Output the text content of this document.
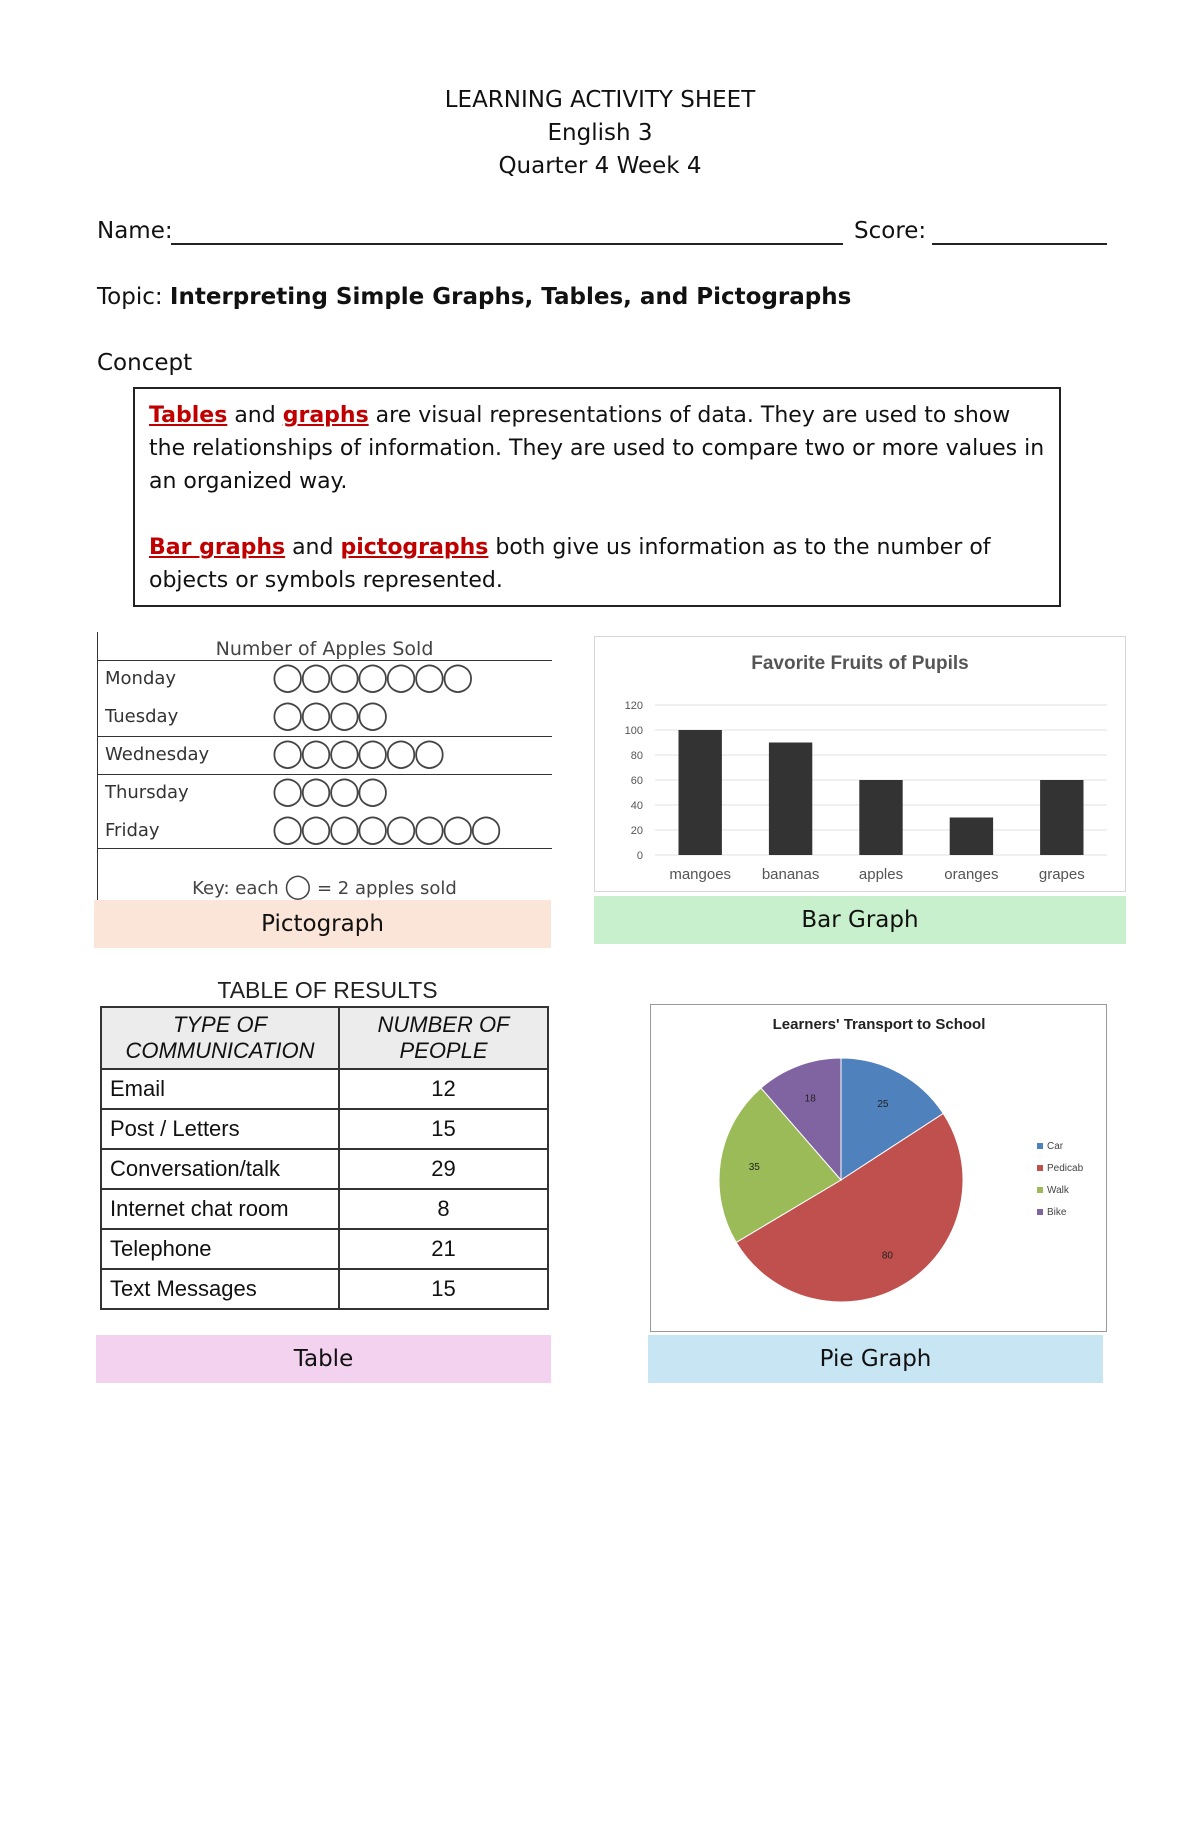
LEARNING ACTIVITY SHEET
English 3
Quarter 4 Week 4
Name:	Score:
Topic: Interpreting Simple Graphs, Tables, and Pictographs
Concept

Tables and graphs are visual representations of data. They are used to show the relationships of information. They are used to compare two or more values in an organized way.

Bar graphs and pictographs both give us information as to the number of objects or symbols represented.

Number of Apples Sold
Monday	◯◯◯◯◯◯◯
Tuesday	◯◯◯◯
Wednesday ◯◯◯◯◯◯
Thursday	◯◯◯◯
Friday	◯◯◯◯◯◯◯◯
Key: each ◯ = 2 apples sold
Pictograph
Favorite Fruits of Pupils
0
20
40
60
80
100
120
mangoes bananas	apples	oranges	grapes
Bar Graph
TABLE OF RESULTS
TYPE OF COMMUNICATION	NUMBER OF PEOPLE
Email	12
Post / Letters	15
Conversation/talk	29
Internet chat room	8
Telephone	21
Text Messages	15
Table
Learners' Transport to School
25
80
35
18
Car
Pedicab
Walk
Bike
Pie Graph
